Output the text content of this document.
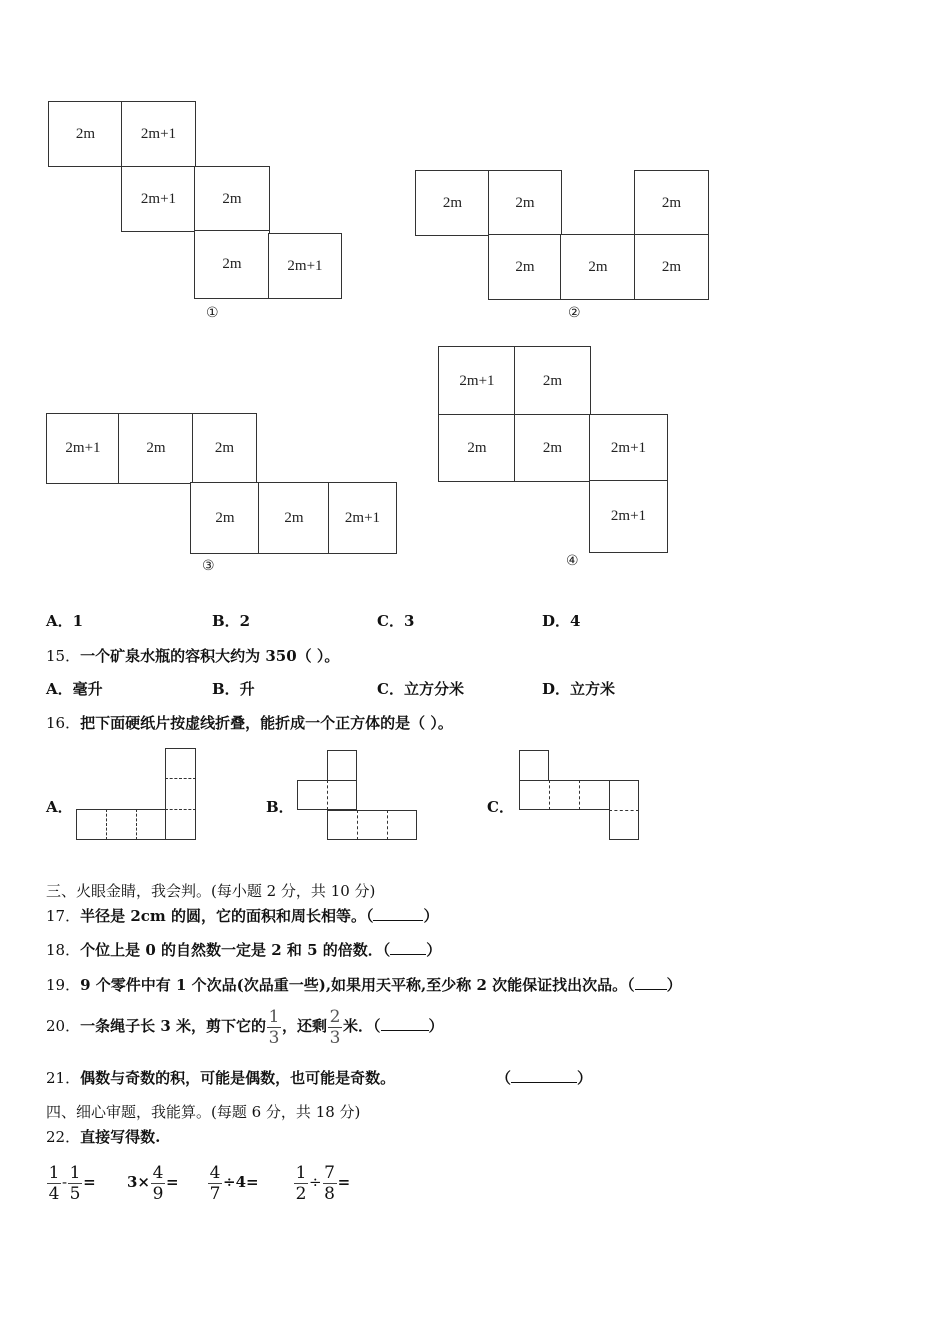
2m	2m+1
2m+1	2m
2m	2m+1
①
2m	2m	2m
2m	2m	2m
②
2m+1	2m	2m
2m	2m	2m+1
③
2m+1	2m
2m	2m	2m+1
2m+1
④
A．1	B．2	C．3	D．4
15．一个矿泉水瓶的容积大约为 350（ ）。
A．毫升	B．升	C．立方分米	D．立方米
16．把下面硬纸片按虚线折叠，能折成一个正方体的是（ ）。
A．	B．	C．
三、火眼金睛，我会判。(每小题 2 分，共 10 分)
17．半径是 2cm 的圆，它的面积和周长相等。（	）
18．个位上是 0 的自然数一定是 2 和 5 的倍数．（ ）
19．9 个零件中有 1 个次品(次品重一些),如果用天平称,至少称 2 次能保证找出次品。（ ）
20．一条绳子长 3 米，剪下它的 $\frac{1}{3}$ ，还剩 $\frac{2}{3}$ 米．（	）
21．偶数与奇数的积，可能是偶数，也可能是奇数。	（	）
四、细心审题，我能算。(每题 6 分，共 18 分)
22．直接写得数.
$\frac{1}{4} - \frac{1}{5} = 3\times \frac{4}{9} = \frac{4}{7} \div 4= \frac{1}{2} \div \frac{7}{8}$ =
